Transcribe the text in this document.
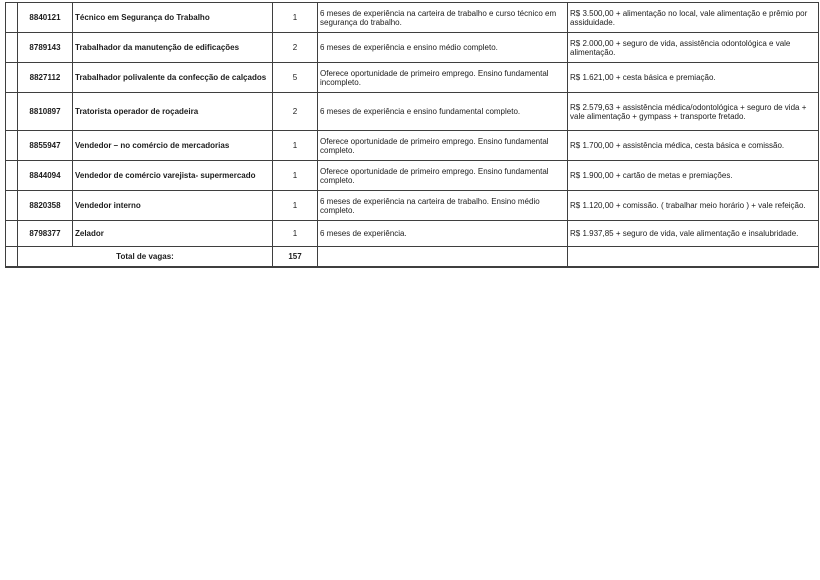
	8840121	Técnico em Segurança do Trabalho	1	6 meses de experiência na carteira de trabalho e curso técnico em segurança do trabalho.	R$ 3.500,00 + alimentação no local, vale alimentação e prêmio por assiduidade.
	8789143	Trabalhador da manutenção de edificações	2	6 meses de experiência e ensino médio completo.	R$ 2.000,00 + seguro de vida, assistência odontológica e vale alimentação.
	8827112	Trabalhador polivalente da confecção de calçados	5	Oferece oportunidade de primeiro emprego. Ensino fundamental incompleto.	R$ 1.621,00 + cesta básica e premiação.
	8810897	Tratorista operador de roçadeira	2	6 meses de experiência e ensino fundamental completo.	R$ 2.579,63 + assistência médica/odontológica + seguro de vida + vale alimentação + gympass + transporte fretado.
	8855947	Vendedor – no comércio de mercadorias	1	Oferece oportunidade de primeiro emprego. Ensino fundamental completo.	R$ 1.700,00 + assistência médica, cesta básica e comissão.
	8844094	Vendedor de comércio varejista- supermercado	1	Oferece oportunidade de primeiro emprego. Ensino fundamental completo.	R$ 1.900,00 + cartão de metas e premiações.
	8820358	Vendedor interno	1	6 meses de experiência na carteira de trabalho. Ensino médio completo.	R$ 1.120,00 + comissão. ( trabalhar meio horário ) + vale refeição.
	8798377	Zelador	1	6 meses de experiência.	R$ 1.937,85 + seguro de vida, vale alimentação e insalubridade.
	Total de vagas:		157		
